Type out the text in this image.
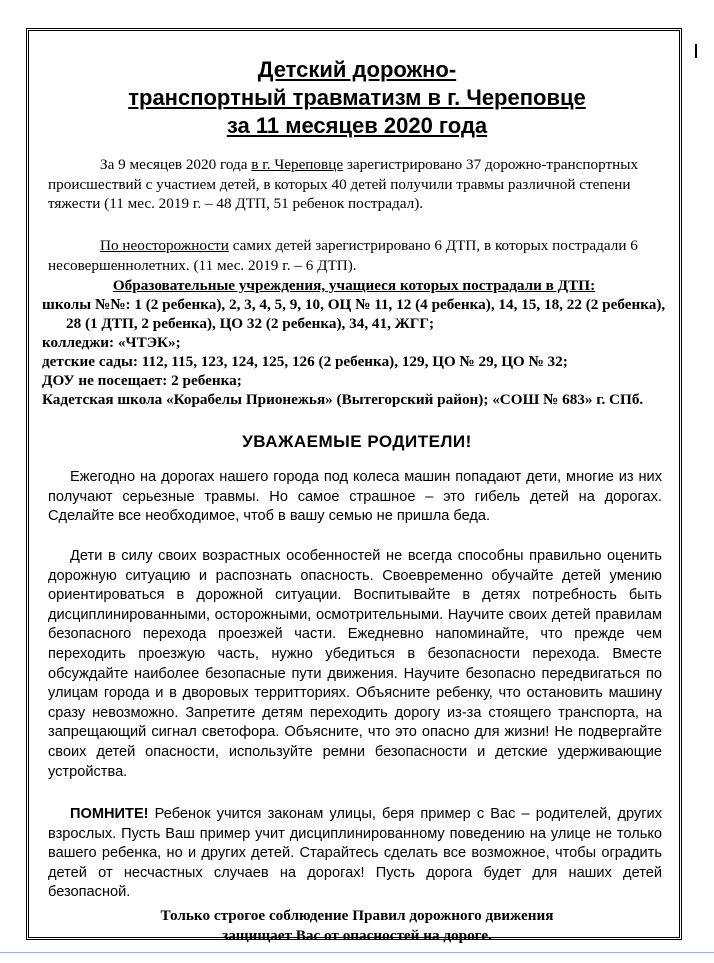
Детский дорожно-
транспортный травматизм в г. Череповце
за 11 месяцев 2020 года
За 9 месяцев 2020 года в г. Череповце зарегистрировано 37 дорожно-транспортных происшествий с участием детей, в которых 40 детей получили травмы различной степени тяжести (11 мес. 2019 г. – 48 ДТП, 51 ребенок пострадал).
По неосторожности самих детей зарегистрировано 6 ДТП, в которых пострадали 6 несовершеннолетних. (11 мес. 2019 г. – 6 ДТП).
Образовательные учреждения, учащиеся которых пострадали в ДТП:
школы №№: 1 (2 ребенка), 2, 3, 4, 5, 9, 10, ОЦ № 11, 12 (4 ребенка), 14, 15, 18, 22 (2 ребенка), 28 (1 ДТП, 2 ребенка), ЦО 32 (2 ребенка), 34, 41, ЖГГ;
колледжи: «ЧТЭК»;
детские сады: 112, 115, 123, 124, 125, 126 (2 ребенка), 129, ЦО № 29, ЦО № 32;
ДОУ не посещает: 2 ребенка;
Кадетская школа «Корабелы Прионежья» (Вытегорский район); «СОШ № 683» г. СПб.
УВАЖАЕМЫЕ РОДИТЕЛИ!
Ежегодно на дорогах нашего города под колеса машин попадают дети, многие из них получают серьезные травмы. Но самое страшное – это гибель детей на дорогах. Сделайте все необходимое, чтоб в вашу семью не пришла беда.
Дети в силу своих возрастных особенностей не всегда способны правильно оценить дорожную ситуацию и распознать опасность. Своевременно обучайте детей умению ориентироваться в дорожной ситуации. Воспитывайте в детях потребность быть дисциплинированными, осторожными, осмотрительными. Научите своих детей правилам безопасного перехода проезжей части. Ежедневно напоминайте, что прежде чем переходить проезжую часть, нужно убедиться в безопасности перехода. Вместе обсуждайте наиболее безопасные пути движения. Научите безопасно передвигаться по улицам города и в дворовых территториях. Объясните ребенку, что остановить машину сразу невозможно. Запретите детям переходить дорогу из-за стоящего транспорта, на запрещающий сигнал светофора. Объясните, что это опасно для жизни! Не подвергайте своих детей опасности, используйте ремни безопасности и детские удерживающие устройства.
ПОМНИТЕ! Ребенок учится законам улицы, беря пример с Вас – родителей, других взрослых. Пусть Ваш пример учит дисциплинированному поведению на улице не только вашего ребенка, но и других детей. Старайтесь сделать все возможное, чтобы оградить детей от несчастных случаев на дорогах! Пусть дорога будет для наших детей безопасной.
Только строгое соблюдение Правил дорожного движения
защищает Вас от опасностей на дороге.
